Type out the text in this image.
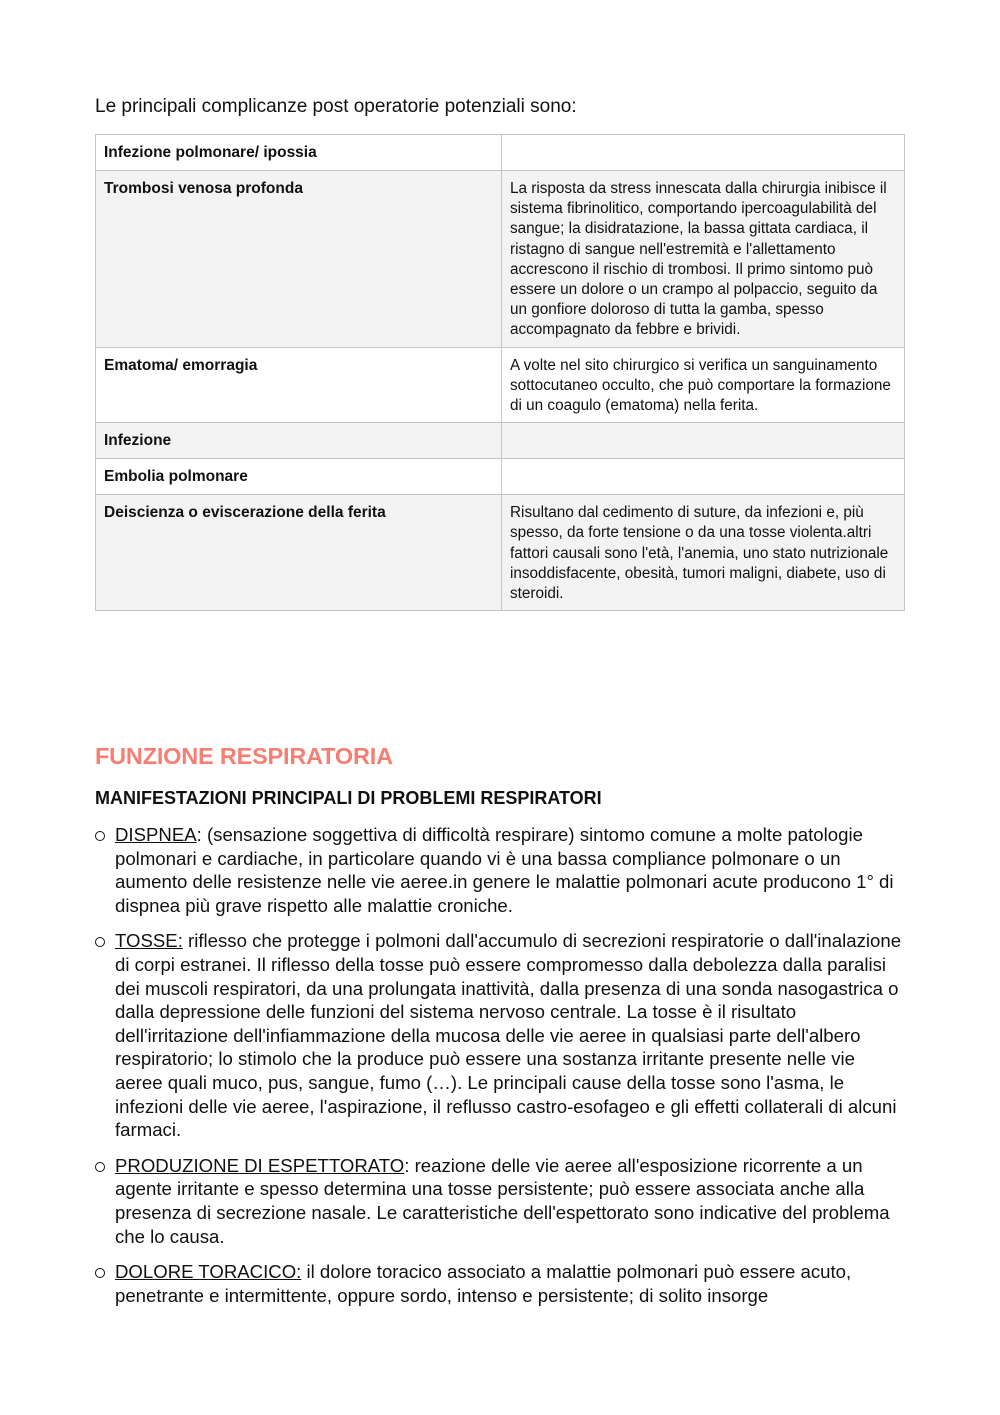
Le principali complicanze post operatorie potenziali sono:

Infezione polmonare/ ipossia	
Trombosi venosa profonda	La risposta da stress innescata dalla chirurgia inibisce il sistema fibrinolitico, comportando ipercoagulabilità del sangue; la disidratazione, la bassa gittata cardiaca, il ristagno di sangue nell'estremità e l'allettamento accrescono il rischio di trombosi. Il primo sintomo può essere un dolore o un crampo al polpaccio, seguito da un gonfiore doloroso di tutta la gamba, spesso accompagnato da febbre e brividi.
Ematoma/ emorragia	A volte nel sito chirurgico si verifica un sanguinamento sottocutaneo occulto, che può comportare la formazione di un coagulo (ematoma) nella ferita.
Infezione	
Embolia polmonare	
Deiscienza o eviscerazione della ferita	Risultano dal cedimento di suture, da infezioni e, più spesso, da forte tensione o da una tosse violenta.altri fattori causali sono l'età, l'anemia, uno stato nutrizionale insoddisfacente, obesità, tumori maligni, diabete, uso di steroidi.
FUNZIONE RESPIRATORIA
MANIFESTAZIONI PRINCIPALI DI PROBLEMI RESPIRATORI
DISPNEA: (sensazione soggettiva di difficoltà respirare) sintomo comune a molte patologie polmonari e cardiache, in particolare quando vi è una bassa compliance polmonare o un aumento delle resistenze nelle vie aeree.in genere le malattie polmonari acute producono 1° di dispnea più grave rispetto alle malattie croniche.
TOSSE: riflesso che protegge i polmoni dall'accumulo di secrezioni respiratorie o dall'inalazione di corpi estranei. Il riflesso della tosse può essere compromesso dalla debolezza dalla paralisi dei muscoli respiratori, da una prolungata inattività, dalla presenza di una sonda nasogastrica o dalla depressione delle funzioni del sistema nervoso centrale. La tosse è il risultato dell'irritazione dell'infiammazione della mucosa delle vie aeree in qualsiasi parte dell'albero respiratorio; lo stimolo che la produce può essere una sostanza irritante presente nelle vie aeree quali muco, pus, sangue, fumo (…). Le principali cause della tosse sono l'asma, le infezioni delle vie aeree, l'aspirazione, il reflusso castro-esofageo e gli effetti collaterali di alcuni farmaci.
PRODUZIONE DI ESPETTORATO: reazione delle vie aeree all'esposizione ricorrente a un agente irritante e spesso determina una tosse persistente; può essere associata anche alla presenza di secrezione nasale. Le caratteristiche dell'espettorato sono indicative del problema che lo causa.
DOLORE TORACICO: il dolore toracico associato a malattie polmonari può essere acuto, penetrante e intermittente, oppure sordo, intenso e persistente; di solito insorge
